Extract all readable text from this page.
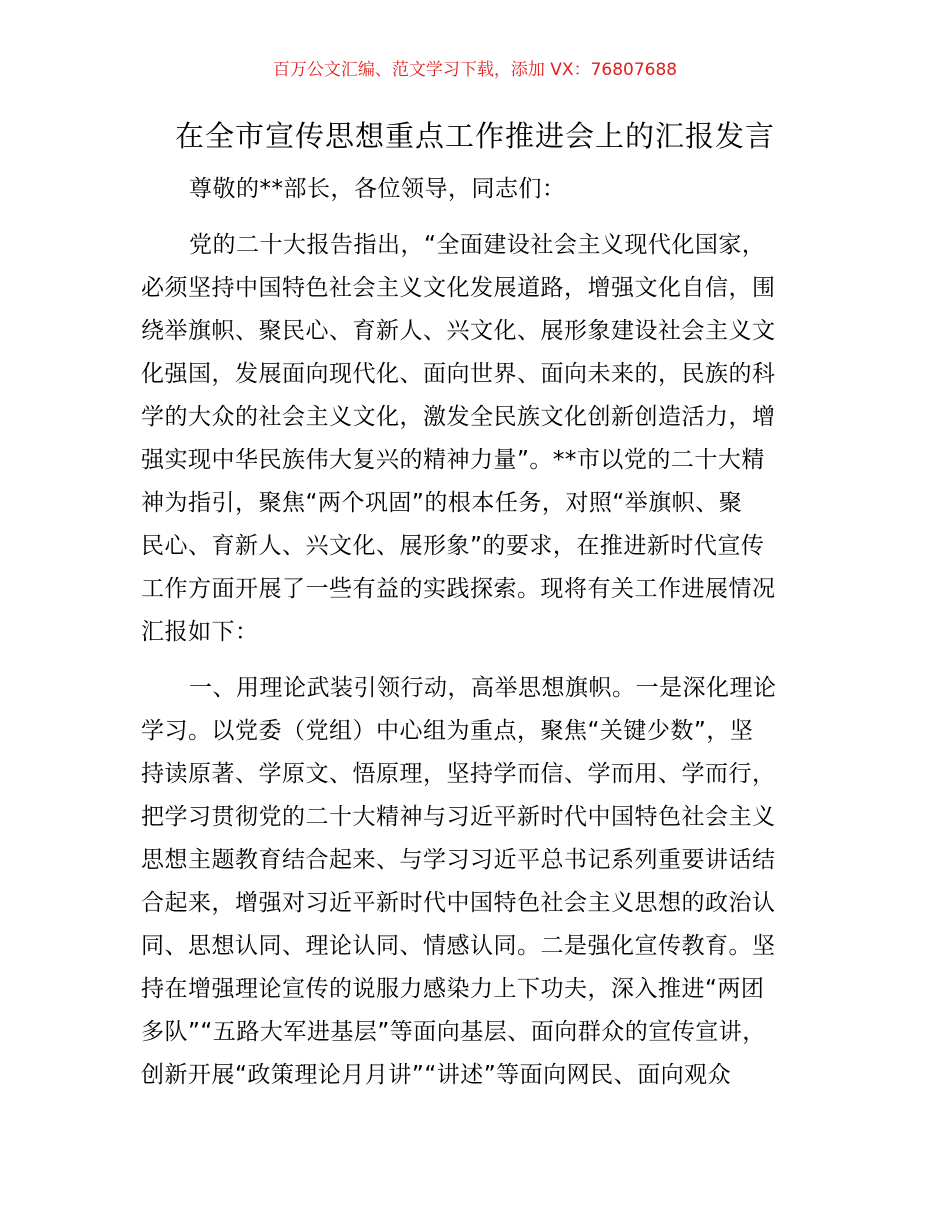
百万公文汇编、范文学习下载，添加 VX：76807688
在全市宣传思想重点工作推进会上的汇报发言
尊敬的**部长，各位领导，同志们：
党的二十大报告指出，“全面建设社会主义现代化国家，
必须坚持中国特色社会主义文化发展道路，增强文化自信，围
绕举旗帜、聚民心、育新人、兴文化、展形象建设社会主义文
化强国，发展面向现代化、面向世界、面向未来的，民族的科
学的大众的社会主义文化，激发全民族文化创新创造活力，增
强实现中华民族伟大复兴的精神力量”。**市以党的二十大精
神为指引，聚焦“两个巩固”的根本任务，对照“举旗帜、聚
民心、育新人、兴文化、展形象”的要求，在推进新时代宣传
工作方面开展了一些有益的实践探索。现将有关工作进展情况
汇报如下：
一、用理论武装引领行动，高举思想旗帜。一是深化理论
学习。以党委（党组）中心组为重点，聚焦“关键少数”，坚
持读原著、学原文、悟原理，坚持学而信、学而用、学而行，
把学习贯彻党的二十大精神与习近平新时代中国特色社会主义
思想主题教育结合起来、与学习习近平总书记系列重要讲话结
合起来，增强对习近平新时代中国特色社会主义思想的政治认
同、思想认同、理论认同、情感认同。二是强化宣传教育。坚
持在增强理论宣传的说服力感染力上下功夫，深入推进“两团
多队”“五路大军进基层”等面向基层、面向群众的宣传宣讲，
创新开展“政策理论月月讲”“讲述”等面向网民、面向观众
